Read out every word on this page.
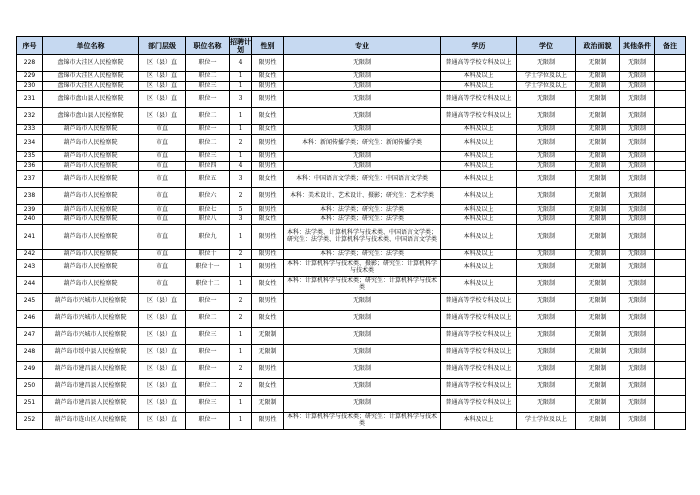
序号	单位名称	部门层级	职位名称	招聘计划	性别	专业	学历	学位	政治面貌	其他条件	备注
228	盘锦市大洼区人民检察院	区（县）直	职位一	4	限男性	无限制	普通高等学校专科及以上	无限制	无限制	无限制	
229	盘锦市大洼区人民检察院	区（县）直	职位二	1	限女性	无限制	本科及以上	学士学位及以上	无限制	无限制	
230	盘锦市大洼区人民检察院	区（县）直	职位三	1	限男性	无限制	本科及以上	学士学位及以上	无限制	无限制	
231	盘锦市盘山县人民检察院	区（县）直	职位一	3	限男性	无限制	普通高等学校专科及以上	无限制	无限制	无限制	
232	盘锦市盘山县人民检察院	区（县）直	职位二	1	限女性	无限制	普通高等学校专科及以上	无限制	无限制	无限制	
233	葫芦岛市人民检察院	市直	职位一	1	限女性	无限制	本科及以上	无限制	无限制	无限制	
234	葫芦岛市人民检察院	市直	职位二	2	限男性	本科：新闻传播学类；研究生：新闻传播学类	本科及以上	无限制	无限制	无限制	
235	葫芦岛市人民检察院	市直	职位三	1	限男性	无限制	本科及以上	无限制	无限制	无限制	
236	葫芦岛市人民检察院	市直	职位四	4	限男性	无限制	本科及以上	无限制	无限制	无限制	
237	葫芦岛市人民检察院	市直	职位五	3	限女性	本科：中国语言文学类；研究生：中国语言文学类	本科及以上	无限制	无限制	无限制	
238	葫芦岛市人民检察院	市直	职位六	2	限男性	本科：美术设计、艺术设计、摄影；研究生：艺术学类	本科及以上	无限制	无限制	无限制	
239	葫芦岛市人民检察院	市直	职位七	5	限男性	本科：法学类；研究生：法学类	本科及以上	无限制	无限制	无限制	
240	葫芦岛市人民检察院	市直	职位八	3	限女性	本科：法学类；研究生：法学类	本科及以上	无限制	无限制	无限制	
241	葫芦岛市人民检察院	市直	职位九	1	限男性	本科：法学类、计算机科学与技术类、中国语言文学类；研究生：法学类、计算机科学与技术类、中国语言文学类	本科及以上	无限制	无限制	无限制	
242	葫芦岛市人民检察院	市直	职位十	2	限男性	本科：法学类；研究生：法学类	本科及以上	无限制	无限制	无限制	
243	葫芦岛市人民检察院	市直	职位十一	1	限男性	本科：计算机科学与技术类、摄影；研究生：计算机科学与技术类	本科及以上	无限制	无限制	无限制	
244	葫芦岛市人民检察院	市直	职位十二	1	限女性	本科：计算机科学与技术类；研究生：计算机科学与技术类	本科及以上	无限制	无限制	无限制	
245	葫芦岛市兴城市人民检察院	区（县）直	职位一	2	限男性	无限制	普通高等学校专科及以上	无限制	无限制	无限制	
246	葫芦岛市兴城市人民检察院	区（县）直	职位二	2	限女性	无限制	普通高等学校专科及以上	无限制	无限制	无限制	
247	葫芦岛市兴城市人民检察院	区（县）直	职位三	1	无限制	无限制	普通高等学校专科及以上	无限制	无限制	无限制	
248	葫芦岛市绥中县人民检察院	区（县）直	职位一	1	无限制	无限制	普通高等学校专科及以上	无限制	无限制	无限制	
249	葫芦岛市建昌县人民检察院	区（县）直	职位一	2	限男性	无限制	普通高等学校专科及以上	无限制	无限制	无限制	
250	葫芦岛市建昌县人民检察院	区（县）直	职位二	2	限女性	无限制	普通高等学校专科及以上	无限制	无限制	无限制	
251	葫芦岛市建昌县人民检察院	区（县）直	职位三	1	无限制	无限制	普通高等学校专科及以上	无限制	无限制	无限制	
252	葫芦岛市连山区人民检察院	区（县）直	职位一	1	限男性	本科：计算机科学与技术类；研究生：计算机科学与技术类	本科及以上	学士学位及以上	无限制	无限制	
